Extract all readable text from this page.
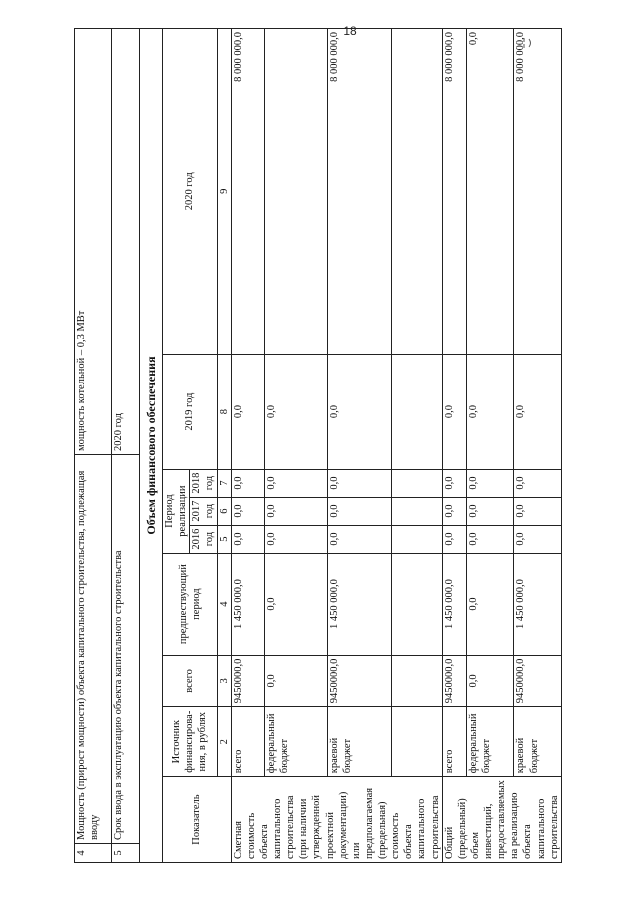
18
4	Мощность (прирост мощности) объекта капитального строительства, подлежащая вводу	мощность котельной – 0,3 МВт
5	Срок ввода в эксплуатацию объекта капитального строительства	2020 год	Объем финансового обеспечения
Показатель	Источник финансирова-ния, в рублях	всего	предшествующий период	Период реализации			2019 год	2020 год
				2016 год	2017 год	2018 год		
	2	3	4	5	6	7	8	9
Сметная стоимость объекта капитального строительства (при наличии утвержденной проектной документации) или предполагаемая (предельная) стоимость объекта капитального строительства	всего	9450000,0	1 450 000,0	0,0	0,0	0,0	0,0	8 000 000,0
	федеральный бюджет	0,0	0,0	0,0	0,0	0,0	0,0	
	краевой бюджет	9450000,0	1 450 000,0	0,0	0,0	0,0	0,0	8 000 000,0

Общий (предельный) объем инвестиций, предоставляемых на реализацию объекта капитального строительства	всего	9450000,0	1 450 000,0	0,0	0,0	0,0	0,0	8 000 000,0
	федеральный бюджет	0,0	0,0	0,0	0,0	0,0	0,0	0,0
	краевой бюджет	9450000,0	1 450 000,0	0,0	0,0	0,0	0,0	8 000 000,0
